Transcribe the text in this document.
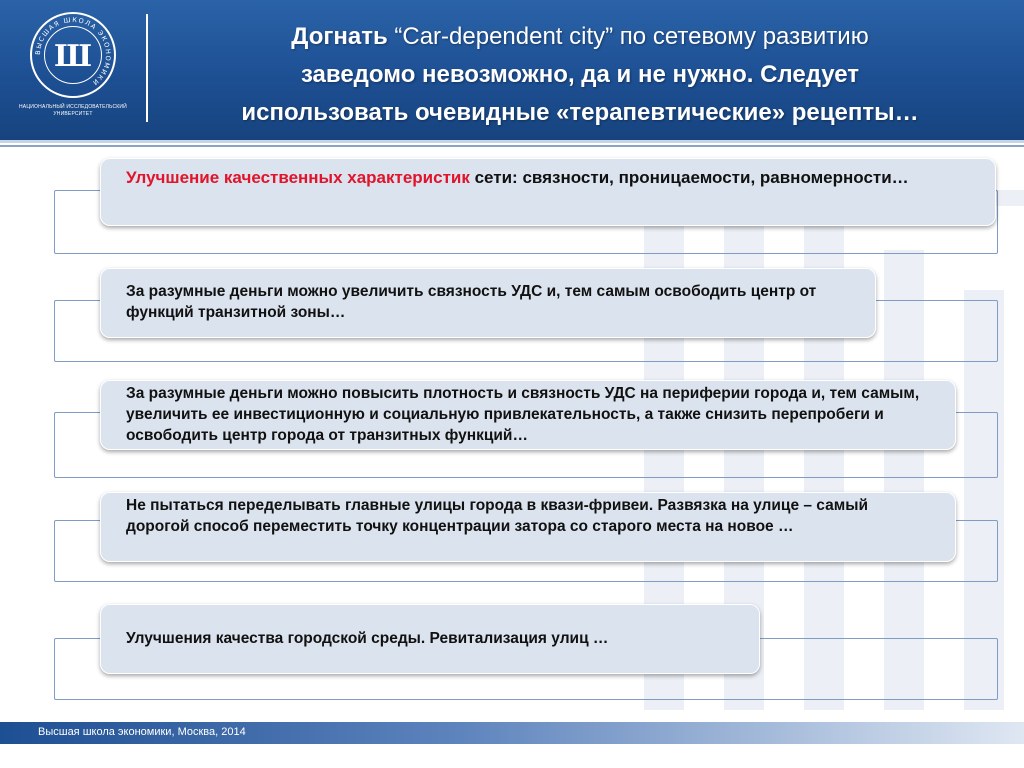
ВЫСШАЯ ШКОЛА ЭКОНОМИКИ
Ш
НАЦИОНАЛЬНЫЙ ИССЛЕДОВАТЕЛЬСКИЙ УНИВЕРСИТЕТ
Догнать “Car-dependent city” по сетевому развитию
заведомо невозможно, да и не нужно. Следует
использовать очевидные «терапевтические» рецепты…
Улучшение качественных характеристик сети: связности, проницаемости, равномерности…
За разумные деньги можно увеличить связность УДС и, тем самым освободить центр от функций транзитной зоны…
За разумные деньги можно повысить плотность и связность УДС на периферии города и, тем самым, увеличить ее инвестиционную и социальную привлекательность, а также снизить перепробеги и освободить центр города от транзитных функций…
Не пытаться переделывать главные улицы города в квази-фривеи. Развязка на улице – самый дорогой способ переместить точку концентрации затора со старого места на новое …
Улучшения качества городской среды. Ревитализация улиц …
Высшая школа экономики, Москва, 2014
